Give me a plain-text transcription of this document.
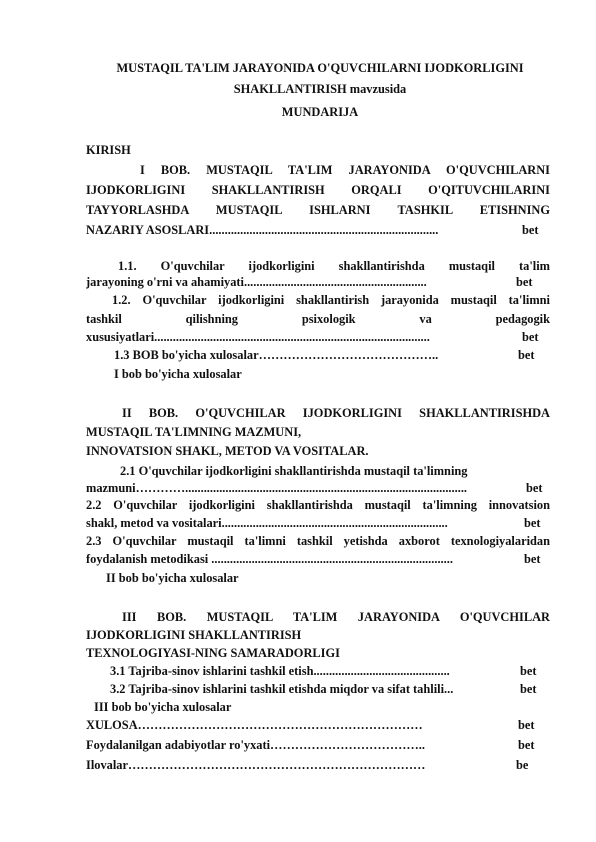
MUSTAQIL TA'LIM JARAYONIDA O'QUVCHILARNI IJODKORLIGINI
SHAKLLANTIRISH mavzusida
MUNDARIJA
KIRISH
I BOB. MUSTAQIL TA'LIM JARAYONIDA O'QUVCHILARNI
IJODKORLIGINI SHAKLLANTIRISH ORQALI O'QITUVCHILARINI
TAYYORLASHDA MUSTAQIL ISHLARNI TASHKIL ETISHNING
NAZARIY ASOSLARI..........................................................................	bet
1.1. O'quvchilar ijodkorligini shakllantirishda mustaqil ta'lim
jarayoning o'rni va ahamiyati...........................................................	bet
1.2. O'quvchilar ijodkorligini shakllantirish jarayonida mustaqil ta'limni
tashkil qilishning psixologik va pedagogik
xususiyatlari.........................................................................................	bet
1.3 BOB bo'yicha xulosalar……………………………………..	bet
I bob bo'yicha xulosalar
II BOB. O'QUVCHILAR IJODKORLIGINI SHAKLLANTIRISHDA
MUSTAQIL TA'LIMNING MAZMUNI,
INNOVATSION SHAKL, METOD VA VOSITALAR.
2.1 O'quvchilar ijodkorligini shakllantirishda mustaqil ta'limning
mazmuni…………...........................................................................................	bet
2.2 O'quvchilar ijodkorligini shakllantirishda mustaqil ta'limning innovatsion
shakl, metod va vositalari.........................................................................	bet
2.3 O'quvchilar mustaqil ta'limni tashkil yetishda axborot texnologiyalaridan
foydalanish metodikasi ..............................................................................	bet
II bob bo'yicha xulosalar
III BOB. MUSTAQIL TA'LIM JARAYONIDA O'QUVCHILAR
IJODKORLIGINI SHAKLLANTIRISH
TEXNOLOGIYASI-NING SAMARADORLIGI
3.1 Tajriba-sinov ishlarini tashkil etish............................................	bet
3.2 Tajriba-sinov ishlarini tashkil etishda miqdor va sifat tahlili...	bet
III bob bo'yicha xulosalar
XULOSA……………………………………………………………	bet
Foydalanilgan adabiyotlar ro'yxati………………………………..	bet
Ilovalar………………………………………………………………	be
